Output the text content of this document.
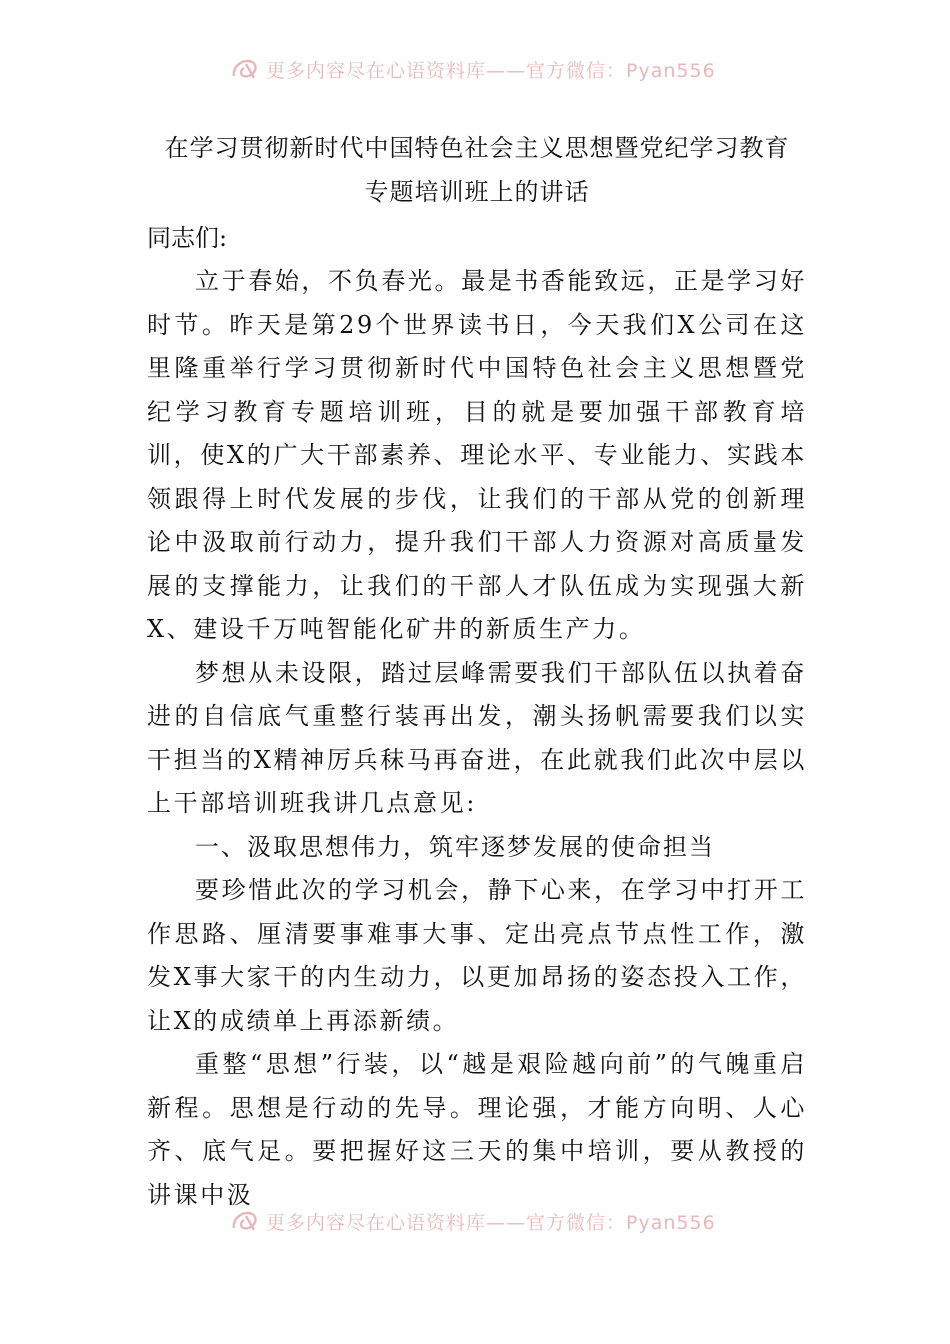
更多内容尽在心语资料库——官方微信：Pyan556
在学习贯彻新时代中国特色社会主义思想暨党纪学习教育
专题培训班上的讲话
同志们:

立于春始，不负春光。最是书香能致远，正是学习好时节。昨天是第29个世界读书日，今天我们X公司在这里隆重举行学习贯彻新时代中国特色社会主义思想暨党纪学习教育专题培训班，目的就是要加强干部教育培训，使X的广大干部素养、理论水平、专业能力、实践本领跟得上时代发展的步伐，让我们的干部从党的创新理论中汲取前行动力，提升我们干部人力资源对高质量发展的支撑能力，让我们的干部人才队伍成为实现强大新X、建设千万吨智能化矿井的新质生产力。

梦想从未设限，踏过层峰需要我们干部队伍以执着奋进的自信底气重整行装再出发，潮头扬帆需要我们以实干担当的X精神厉兵秣马再奋进，在此就我们此次中层以上干部培训班我讲几点意见:

一、汲取思想伟力，筑牢逐梦发展的使命担当

要珍惜此次的学习机会，静下心来，在学习中打开工作思路、厘清要事难事大事、定出亮点节点性工作，激发X事大家干的内生动力，以更加昂扬的姿态投入工作，让X的成绩单上再添新绩。

重整“思想”行装，以“越是艰险越向前”的气魄重启新程。思想是行动的先导。理论强，才能方向明、人心齐、底气足。要把握好这三天的集中培训，要从教授的讲课中汲

更多内容尽在心语资料库——官方微信：Pyan556
